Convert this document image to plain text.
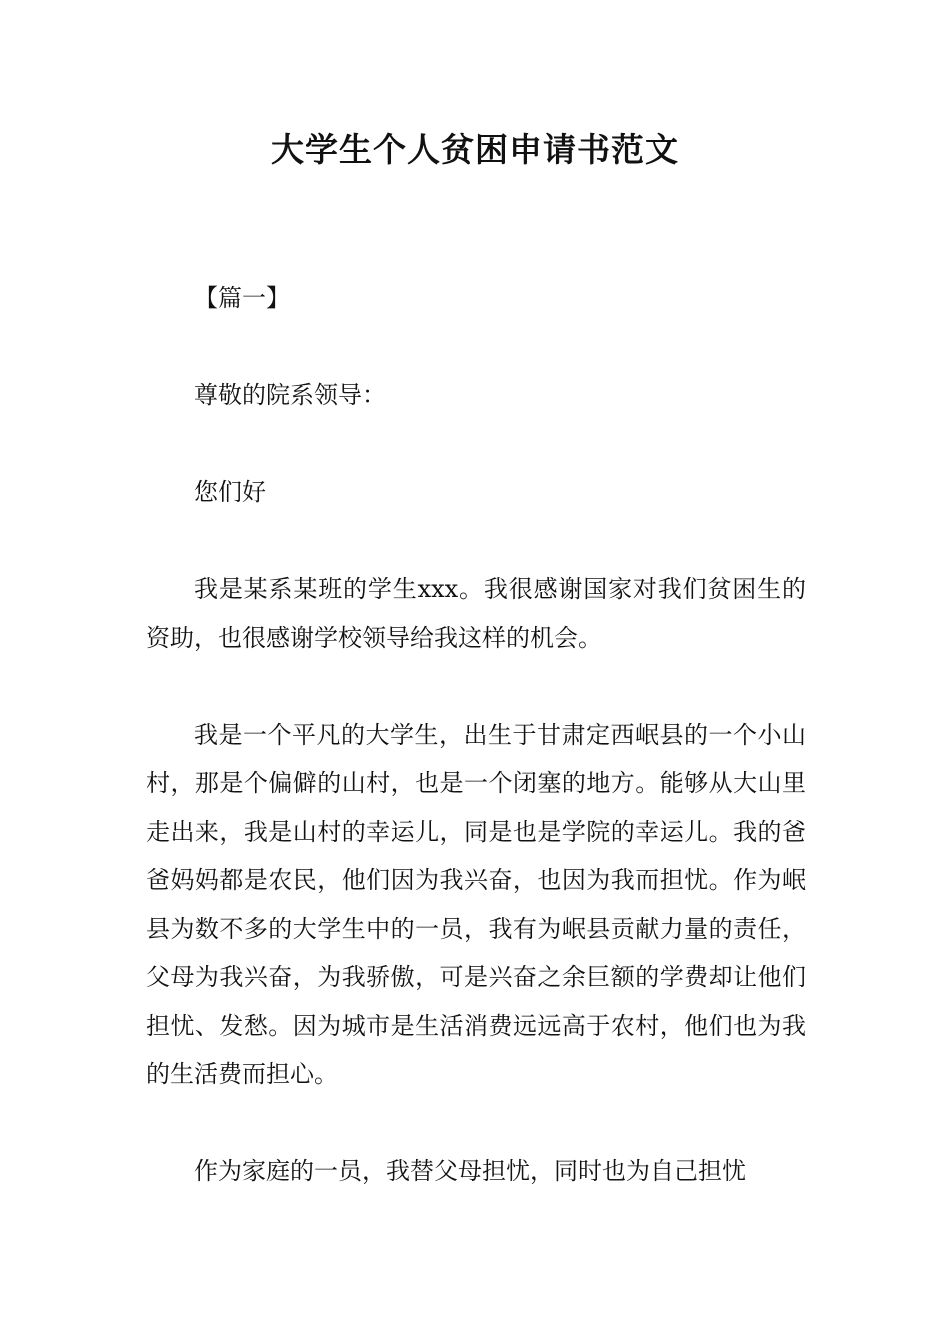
大学生个人贫困申请书范文

【篇一】

尊敬的院系领导：

您们好

我是某系某班的学生xxx。我很感谢国家对我们贫困生的资助，也很感谢学校领导给我这样的机会。

我是一个平凡的大学生，出生于甘肃定西岷县的一个小山村，那是个偏僻的山村，也是一个闭塞的地方。能够从大山里走出来，我是山村的幸运儿，同是也是学院的幸运儿。我的爸爸妈妈都是农民，他们因为我兴奋，也因为我而担忧。作为岷县为数不多的大学生中的一员，我有为岷县贡献力量的责任，父母为我兴奋，为我骄傲，可是兴奋之余巨额的学费却让他们担忧、发愁。因为城市是生活消费远远高于农村，他们也为我的生活费而担心。

作为家庭的一员，我替父母担忧，同时也为自己担忧
